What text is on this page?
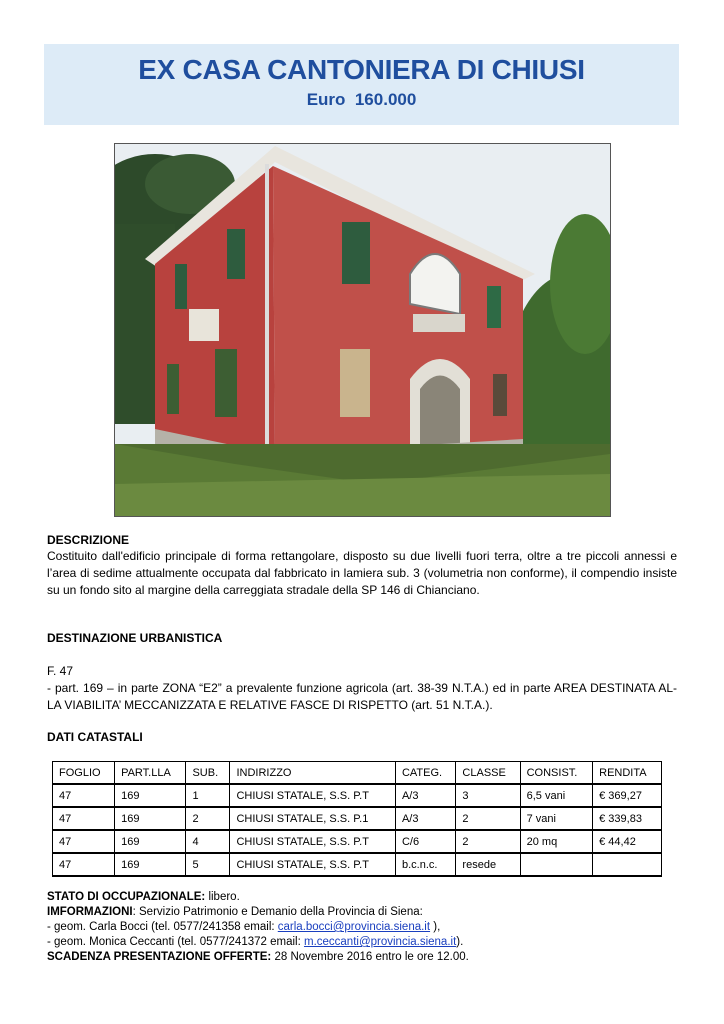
EX CASA CANTONIERA DI CHIUSI
Euro  160.000
DESCRIZIONE
Costituito dall'edificio principale di forma rettangolare, disposto su due livelli fuori terra, oltre a tre piccoli annessi e l’area di sedime attualmente occupata dal fabbricato in lamiera sub. 3 (volumetria non conforme), il compendio insiste su un fondo sito al margine della carreggiata stradale della SP 146 di Chianciano.
DESTINAZIONE URBANISTICA
F. 47
- part. 169 – in parte ZONA “E2” a prevalente funzione agricola (art. 38-39 N.T.A.) ed in parte AREA DESTINATA AL-LA VIABILITA’ MECCANIZZATA E RELATIVE FASCE DI RISPETTO (art. 51 N.T.A.).
DATI CATASTALI
FOGLIO	PART.LLA	SUB.	INDIRIZZO	CATEG.	CLASSE	CONSIST.	RENDITA
47	169	1	CHIUSI STATALE, S.S. P.T	A/3	3	6,5 vani	€ 369,27
47	169	2	CHIUSI STATALE, S.S. P.1	A/3	2	7 vani	€ 339,83
47	169	4	CHIUSI STATALE, S.S. P.T	C/6	2	20 mq	€ 44,42
47	169	5	CHIUSI STATALE, S.S. P.T	b.c.n.c.	resede		
STATO DI OCCUPAZIONALE: libero.
IMFORMAZIONI: Servizio Patrimonio e Demanio della Provincia di Siena:
- geom. Carla Bocci (tel. 0577/241358 email: carla.bocci@provincia.siena.it ),
- geom. Monica Ceccanti (tel. 0577/241372 email: m.ceccanti@provincia.siena.it).
SCADENZA PRESENTAZIONE OFFERTE: 28 Novembre 2016 entro le ore 12.00.
